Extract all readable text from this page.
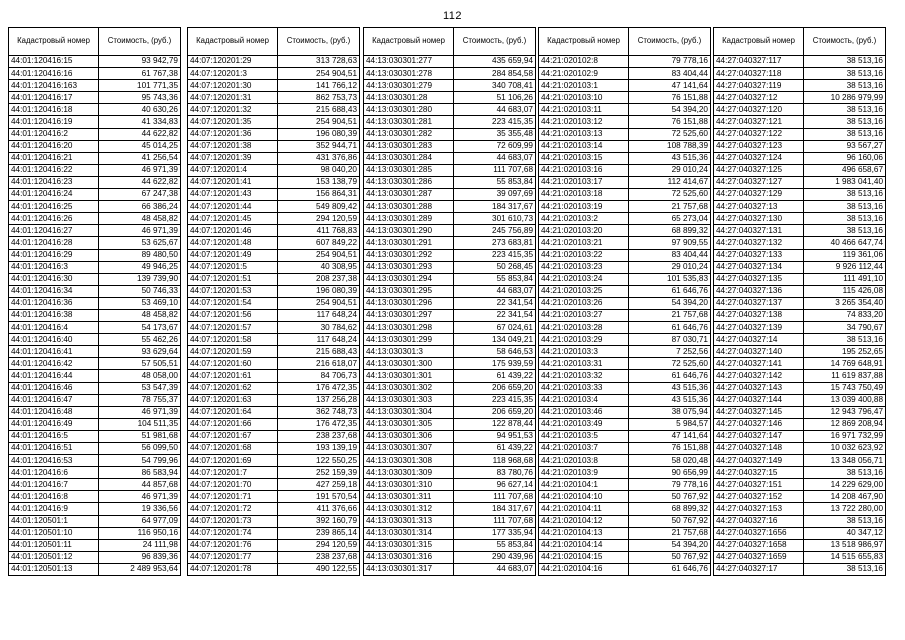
112
Кадастровый номер	Стоимость, (руб.)
44:01:120416:15	93 942,79
44:01:120416:16	61 767,38
44:01:120416:163	101 771,35
44:01:120416:17	95 743,36
44:01:120416:18	40 630,26
44:01:120416:19	41 334,83
44:01:120416:2	44 622,82
44:01:120416:20	45 014,25
44:01:120416:21	41 256,54
44:01:120416:22	46 971,39
44:01:120416:23	44 622,82
44:01:120416:24	67 247,38
44:01:120416:25	66 386,24
44:01:120416:26	48 458,82
44:01:120416:27	46 971,39
44:01:120416:28	53 625,67
44:01:120416:29	89 480,50
44:01:120416:3	49 946,25
44:01:120416:30	139 739,90
44:01:120416:34	50 746,33
44:01:120416:36	53 469,10
44:01:120416:38	48 458,82
44:01:120416:4	54 173,67
44:01:120416:40	55 462,26
44:01:120416:41	93 629,64
44:01:120416:42	57 505,51
44:01:120416:44	48 058,00
44:01:120416:46	53 547,39
44:01:120416:47	78 755,37
44:01:120416:48	46 971,39
44:01:120416:49	104 511,35
44:01:120416:5	51 981,68
44:01:120416:51	56 099,50
44:01:120416:53	54 799,96
44:01:120416:6	86 583,94
44:01:120416:7	44 857,68
44:01:120416:8	46 971,39
44:01:120416:9	19 336,56
44:01:120501:1	64 977,09
44:01:120501:10	116 950,16
44:01:120501:11	24 111,98
44:01:120501:12	96 839,36
44:01:120501:13	2 489 953,64
Кадастровый номер	Стоимость, (руб.)
44:07:120201:29	313 728,63
44:07:120201:3	254 904,51
44:07:120201:30	141 766,12
44:07:120201:31	862 753,73
44:07:120201:32	215 688,43
44:07:120201:35	254 904,51
44:07:120201:36	196 080,39
44:07:120201:38	352 944,71
44:07:120201:39	431 376,86
44:07:120201:4	98 040,20
44:07:120201:41	153 138,79
44:07:120201:43	156 864,31
44:07:120201:44	549 809,42
44:07:120201:45	294 120,59
44:07:120201:46	411 768,83
44:07:120201:48	607 849,22
44:07:120201:49	254 904,51
44:07:120201:5	40 308,95
44:07:120201:51	208 237,38
44:07:120201:53	196 080,39
44:07:120201:54	254 904,51
44:07:120201:56	117 648,24
44:07:120201:57	30 784,62
44:07:120201:58	117 648,24
44:07:120201:59	215 688,43
44:07:120201:60	216 618,07
44:07:120201:61	84 706,73
44:07:120201:62	176 472,35
44:07:120201:63	137 256,28
44:07:120201:64	362 748,73
44:07:120201:66	176 472,35
44:07:120201:67	238 237,68
44:07:120201:68	193 139,19
44:07:120201:69	122 550,25
44:07:120201:7	252 159,39
44:07:120201:70	427 259,18
44:07:120201:71	191 570,54
44:07:120201:72	411 376,66
44:07:120201:73	392 160,79
44:07:120201:74	239 865,14
44:07:120201:76	294 120,59
44:07:120201:77	238 237,68
44:07:120201:78	490 122,55
Кадастровый номер	Стоимость, (руб.)
44:13:030301:277	435 659,94
44:13:030301:278	284 854,58
44:13:030301:279	340 708,41
44:13:030301:28	51 106,26
44:13:030301:280	44 683,07
44:13:030301:281	223 415,35
44:13:030301:282	35 355,48
44:13:030301:283	72 609,99
44:13:030301:284	44 683,07
44:13:030301:285	111 707,68
44:13:030301:286	55 853,84
44:13:030301:287	39 097,69
44:13:030301:288	184 317,67
44:13:030301:289	301 610,73
44:13:030301:290	245 756,89
44:13:030301:291	273 683,81
44:13:030301:292	223 415,35
44:13:030301:293	50 268,45
44:13:030301:294	55 853,84
44:13:030301:295	44 683,07
44:13:030301:296	22 341,54
44:13:030301:297	22 341,54
44:13:030301:298	67 024,61
44:13:030301:299	134 049,21
44:13:030301:3	58 646,53
44:13:030301:300	175 939,59
44:13:030301:301	61 439,22
44:13:030301:302	206 659,20
44:13:030301:303	223 415,35
44:13:030301:304	206 659,20
44:13:030301:305	122 878,44
44:13:030301:306	94 951,53
44:13:030301:307	61 439,22
44:13:030301:308	118 968,68
44:13:030301:309	83 780,76
44:13:030301:310	96 627,14
44:13:030301:311	111 707,68
44:13:030301:312	184 317,67
44:13:030301:313	111 707,68
44:13:030301:314	177 335,94
44:13:030301:315	55 853,84
44:13:030301:316	290 439,96
44:13:030301:317	44 683,07
Кадастровый номер	Стоимость, (руб.)
44:21:020102:8	79 778,16
44:21:020102:9	83 404,44
44:21:020103:1	47 141,64
44:21:020103:10	76 151,88
44:21:020103:11	54 394,20
44:21:020103:12	76 151,88
44:21:020103:13	72 525,60
44:21:020103:14	108 788,39
44:21:020103:15	43 515,36
44:21:020103:16	29 010,24
44:21:020103:17	112 414,67
44:21:020103:18	72 525,60
44:21:020103:19	21 757,68
44:21:020103:2	65 273,04
44:21:020103:20	68 899,32
44:21:020103:21	97 909,55
44:21:020103:22	83 404,44
44:21:020103:23	29 010,24
44:21:020103:24	101 535,83
44:21:020103:25	61 646,76
44:21:020103:26	54 394,20
44:21:020103:27	21 757,68
44:21:020103:28	61 646,76
44:21:020103:29	87 030,71
44:21:020103:3	7 252,56
44:21:020103:31	72 525,60
44:21:020103:32	61 646,76
44:21:020103:33	43 515,36
44:21:020103:4	43 515,36
44:21:020103:46	38 075,94
44:21:020103:49	5 984,57
44:21:020103:5	47 141,64
44:21:020103:7	76 151,88
44:21:020103:8	58 020,48
44:21:020103:9	90 656,99
44:21:020104:1	79 778,16
44:21:020104:10	50 767,92
44:21:020104:11	68 899,32
44:21:020104:12	50 767,92
44:21:020104:13	21 757,68
44:21:020104:14	54 394,20
44:21:020104:15	50 767,92
44:21:020104:16	61 646,76
Кадастровый номер	Стоимость, (руб.)
44:27:040327:117	38 513,16
44:27:040327:118	38 513,16
44:27:040327:119	38 513,16
44:27:040327:12	10 286 979,99
44:27:040327:120	38 513,16
44:27:040327:121	38 513,16
44:27:040327:122	38 513,16
44:27:040327:123	93 567,27
44:27:040327:124	96 160,06
44:27:040327:125	496 658,67
44:27:040327:127	1 983 041,40
44:27:040327:129	38 513,16
44:27:040327:13	38 513,16
44:27:040327:130	38 513,16
44:27:040327:131	38 513,16
44:27:040327:132	40 466 647,74
44:27:040327:133	119 361,06
44:27:040327:134	9 926 112,44
44:27:040327:135	111 491,10
44:27:040327:136	115 426,08
44:27:040327:137	3 265 354,40
44:27:040327:138	74 833,20
44:27:040327:139	34 790,67
44:27:040327:14	38 513,16
44:27:040327:140	195 252,65
44:27:040327:141	14 769 648,91
44:27:040327:142	11 619 837,88
44:27:040327:143	15 743 750,49
44:27:040327:144	13 039 400,88
44:27:040327:145	12 943 796,47
44:27:040327:146	12 869 208,94
44:27:040327:147	16 971 732,99
44:27:040327:148	10 032 623,92
44:27:040327:149	13 348 056,71
44:27:040327:15	38 513,16
44:27:040327:151	14 229 629,00
44:27:040327:152	14 208 467,90
44:27:040327:153	13 722 280,00
44:27:040327:16	38 513,16
44:27:040327:1656	40 347,12
44:27:040327:1658	13 518 986,97
44:27:040327:1659	14 515 655,83
44:27:040327:17	38 513,16
